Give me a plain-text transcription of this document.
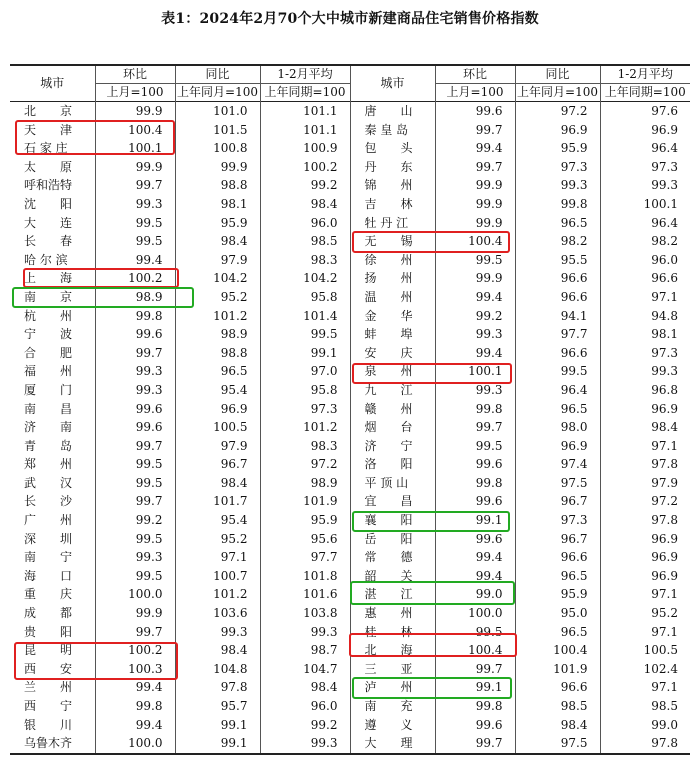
表1：2024年2月70个大中城市新建商品住宅销售价格指数
城市	环比	同比	1-2月平均	城市	环比	同比	1-2月平均
	上月=100	上年同月=100	上年同期=100		上月=100	上年同月=100	上年同期=100
北　　京	99.9	101.0	101.1	唐　　山	99.6	97.2	97.6
天　　津	100.4	101.5	101.1	秦 皇 岛	99.7	96.9	96.9
石 家 庄	100.1	100.8	100.9	包　　头	99.4	95.9	96.4
太　　原	99.9	99.9	100.2	丹　　东	99.7	97.3	97.3
呼和浩特	99.7	98.8	99.2	锦　　州	99.9	99.3	99.3
沈　　阳	99.3	98.1	98.4	吉　　林	99.9	99.8	100.1
大　　连	99.5	95.9	96.0	牡 丹 江	99.9	96.5	96.4
长　　春	99.5	98.4	98.5	无　　锡	100.4	98.2	98.2
哈 尔 滨	99.4	97.9	98.3	徐　　州	99.5	95.5	96.0
上　　海	100.2	104.2	104.2	扬　　州	99.9	96.6	96.6
南　　京	98.9	95.2	95.8	温　　州	99.4	96.6	97.1
杭　　州	99.8	101.2	101.4	金　　华	99.2	94.1	94.8
宁　　波	99.6	98.9	99.5	蚌　　埠	99.3	97.7	98.1
合　　肥	99.7	98.8	99.1	安　　庆	99.4	96.6	97.3
福　　州	99.3	96.5	97.0	泉　　州	100.1	99.5	99.3
厦　　门	99.3	95.4	95.8	九　　江	99.3	96.4	96.8
南　　昌	99.6	96.9	97.3	赣　　州	99.8	96.5	96.9
济　　南	99.6	100.5	101.2	烟　　台	99.7	98.0	98.4
青　　岛	99.7	97.9	98.3	济　　宁	99.5	96.9	97.1
郑　　州	99.5	96.7	97.2	洛　　阳	99.6	97.4	97.8
武　　汉	99.5	98.4	98.9	平 顶 山	99.8	97.5	97.9
长　　沙	99.7	101.7	101.9	宜　　昌	99.6	96.7	97.2
广　　州	99.2	95.4	95.9	襄　　阳	99.1	97.3	97.8
深　　圳	99.5	95.2	95.6	岳　　阳	99.6	96.7	96.9
南　　宁	99.3	97.1	97.7	常　　德	99.4	96.6	96.9
海　　口	99.5	100.7	101.8	韶　　关	99.4	96.5	96.9
重　　庆	100.0	101.2	101.6	湛　　江	99.0	95.9	97.1
成　　都	99.9	103.6	103.8	惠　　州	100.0	95.0	95.2
贵　　阳	99.7	99.3	99.3	桂　　林	99.5	96.5	97.1
昆　　明	100.2	98.4	98.7	北　　海	100.4	100.4	100.5
西　　安	100.3	104.8	104.7	三　　亚	99.7	101.9	102.4
兰　　州	99.4	97.8	98.4	泸　　州	99.1	96.6	97.1
西　　宁	99.8	95.7	96.0	南　　充	99.8	98.5	98.5
银　　川	99.4	99.1	99.2	遵　　义	99.6	98.4	99.0
乌鲁木齐	100.0	99.1	99.3	大　　理	99.7	97.5	97.8
